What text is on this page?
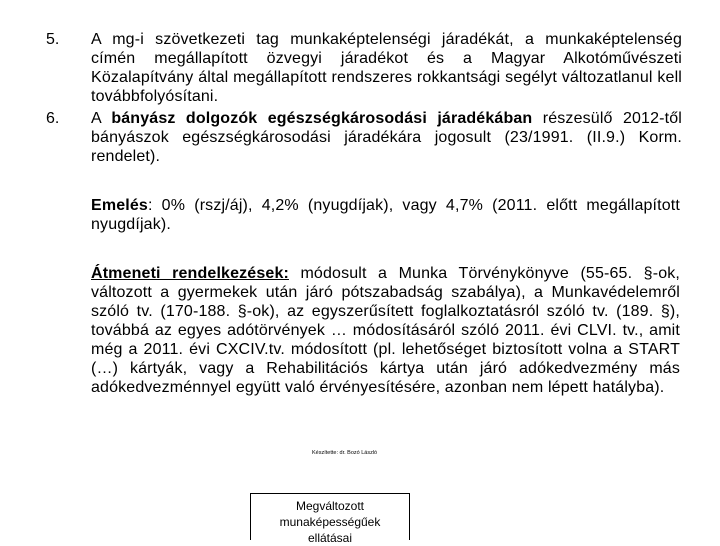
5. A mg-i szövetkezeti tag munkaképtelenségi járadékát, a munkaképtelenség címén megállapított özvegyi járadékot és a Magyar Alkotóművészeti Közalapítvány által megállapított rendszeres rokkantsági segélyt változatlanul kell továbbfolyósítani.
6. A bányász dolgozók egészségkárosodási járadékában részesülő 2012-től bányászok egészségkárosodási járadékára jogosult (23/1991. (II.9.) Korm. rendelet).
Emelés: 0% (rszj/áj), 4,2% (nyugdíjak), vagy 4,7% (2011. előtt megállapított nyugdíjak).
Átmeneti rendelkezések: módosult a Munka Törvénykönyve (55-65. §-ok, változott a gyermekek után járó pótszabadság szabálya), a Munkavédelemről szóló tv. (170-188. §-ok), az egyszerűsített foglalkoztatásról szóló tv. (189. §), továbbá az egyes adótörvények … módosításáról szóló 2011. évi CLVI. tv., amit még a 2011. évi CXCIV.tv. módosított (pl. lehetőséget biztosított volna a START (…) kártyák, vagy a Rehabilitációs kártya után járó adókedvezmény más adókedvezménnyel együtt való érvényesítésére, azonban nem lépett hatályba).
Készítette: dr. Bozó László
Megváltozott munaképességűek
ellátásai
